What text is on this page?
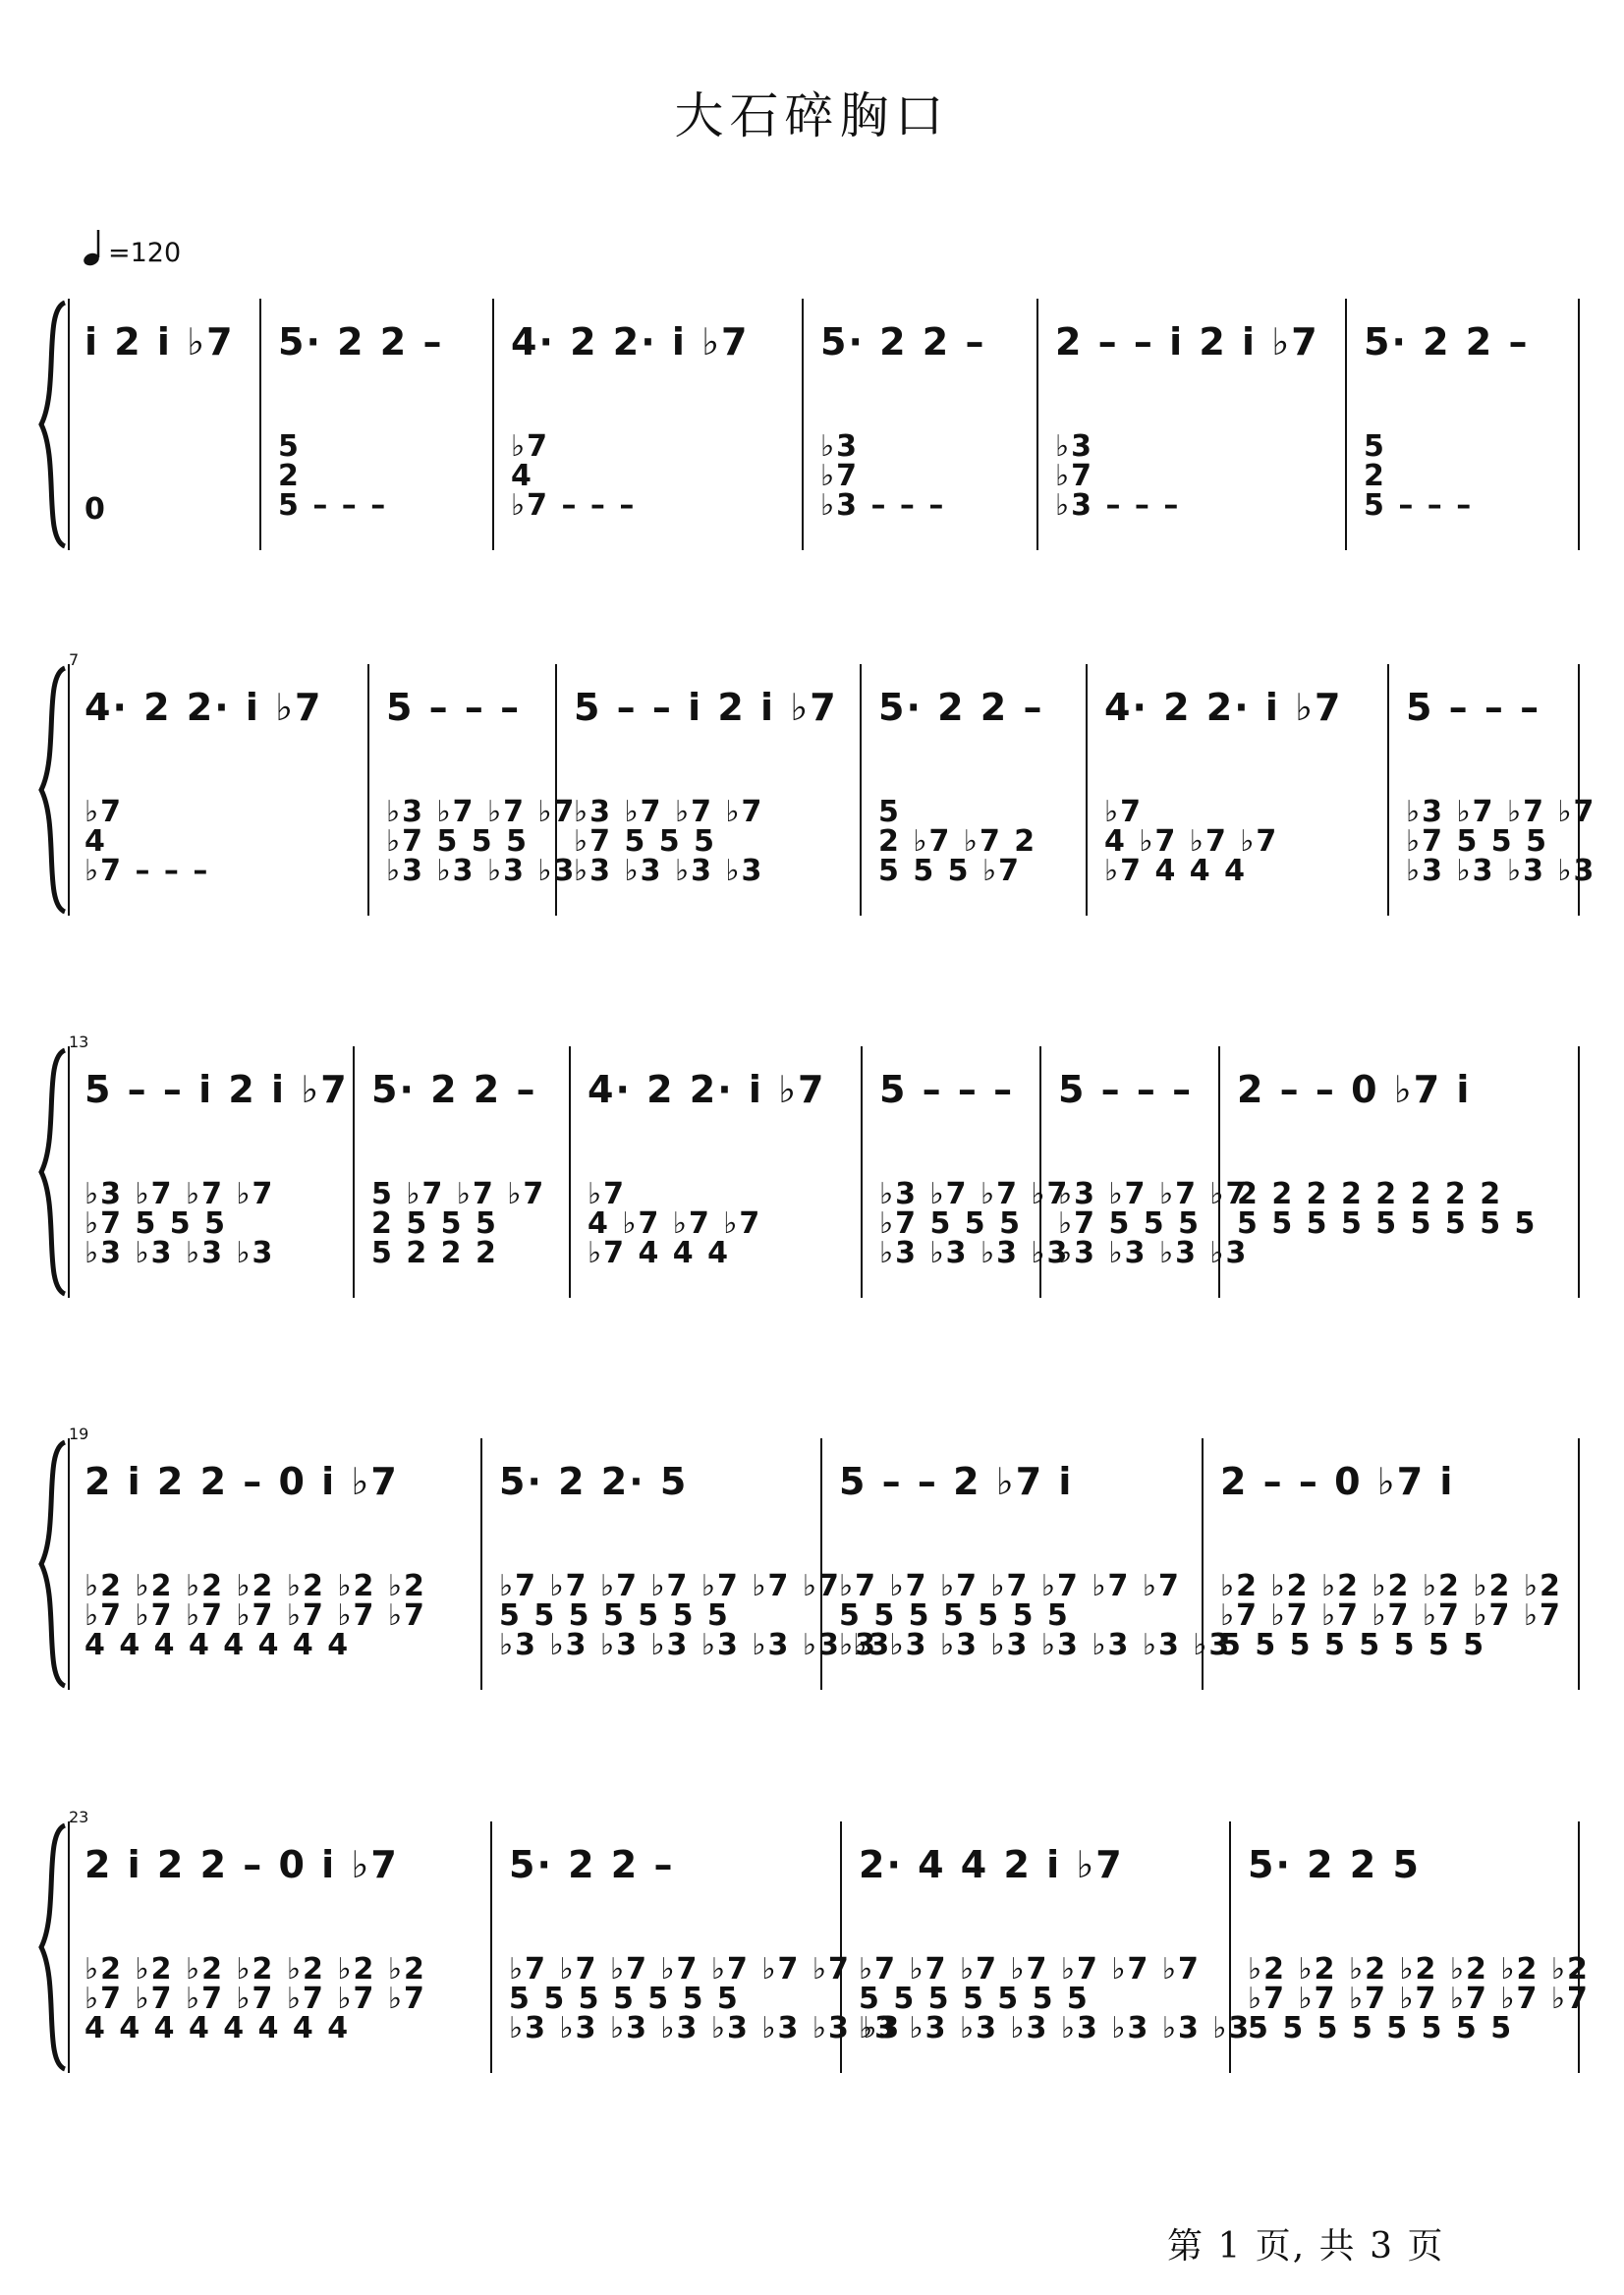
大石碎胸口
=120
i 2 i ♭7
0
5· 2 2 –
5
2
5 – – –
4· 2 2· i ♭7
♭7
4
♭7 – – –
5· 2 2 –
♭3
♭7
♭3 – – –
2 – – i 2 i ♭7
♭3
♭7
♭3 – – –
5· 2 2 –
5
2
5 – – –
7
4· 2 2· i ♭7
♭7
4
♭7 – – –
5 – – –
♭3 ♭7 ♭7 ♭7
♭7 5 5 5
♭3 ♭3 ♭3 ♭3
5 – – i 2 i ♭7
♭3 ♭7 ♭7 ♭7
♭7 5 5 5
♭3 ♭3 ♭3 ♭3
5· 2 2 –
5
2 ♭7 ♭7 2
5 5 5 ♭7
4· 2 2· i ♭7
♭7
4 ♭7 ♭7 ♭7
♭7 4 4 4
5 – – –
♭3 ♭7 ♭7 ♭7
♭7 5 5 5
♭3 ♭3 ♭3 ♭3
13
5 – – i 2 i ♭7
♭3 ♭7 ♭7 ♭7
♭7 5 5 5
♭3 ♭3 ♭3 ♭3
5· 2 2 –
5 ♭7 ♭7 ♭7
2 5 5 5
5 2 2 2
4· 2 2· i ♭7
♭7
4 ♭7 ♭7 ♭7
♭7 4 4 4
5 – – –
♭3 ♭7 ♭7 ♭7
♭7 5 5 5
♭3 ♭3 ♭3 ♭3
5 – – –
♭3 ♭7 ♭7 ♭7
♭7 5 5 5
♭3 ♭3 ♭3 ♭3
2 – – 0 ♭7 i
2 2 2 2 2 2 2 2
5 5 5 5 5 5 5 5 5
19
2 i 2 2 – 0 i ♭7
♭2 ♭2 ♭2 ♭2 ♭2 ♭2 ♭2
♭7 ♭7 ♭7 ♭7 ♭7 ♭7 ♭7
4 4 4 4 4 4 4 4
5· 2 2· 5
♭7 ♭7 ♭7 ♭7 ♭7 ♭7 ♭7
5 5 5 5 5 5 5
♭3 ♭3 ♭3 ♭3 ♭3 ♭3 ♭3 ♭3
5 – – 2 ♭7 i
♭7 ♭7 ♭7 ♭7 ♭7 ♭7 ♭7
5 5 5 5 5 5 5
♭3 ♭3 ♭3 ♭3 ♭3 ♭3 ♭3 ♭3
2 – – 0 ♭7 i
♭2 ♭2 ♭2 ♭2 ♭2 ♭2 ♭2
♭7 ♭7 ♭7 ♭7 ♭7 ♭7 ♭7
5 5 5 5 5 5 5 5
23
2 i 2 2 – 0 i ♭7
♭2 ♭2 ♭2 ♭2 ♭2 ♭2 ♭2
♭7 ♭7 ♭7 ♭7 ♭7 ♭7 ♭7
4 4 4 4 4 4 4 4
5· 2 2 –
♭7 ♭7 ♭7 ♭7 ♭7 ♭7 ♭7
5 5 5 5 5 5 5
♭3 ♭3 ♭3 ♭3 ♭3 ♭3 ♭3 ♭3
2· 4 4 2 i ♭7
♭7 ♭7 ♭7 ♭7 ♭7 ♭7 ♭7
5 5 5 5 5 5 5
♭3 ♭3 ♭3 ♭3 ♭3 ♭3 ♭3 ♭3
5· 2 2 5
♭2 ♭2 ♭2 ♭2 ♭2 ♭2 ♭2
♭7 ♭7 ♭7 ♭7 ♭7 ♭7 ♭7
5 5 5 5 5 5 5 5
第 1 页, 共 3 页
